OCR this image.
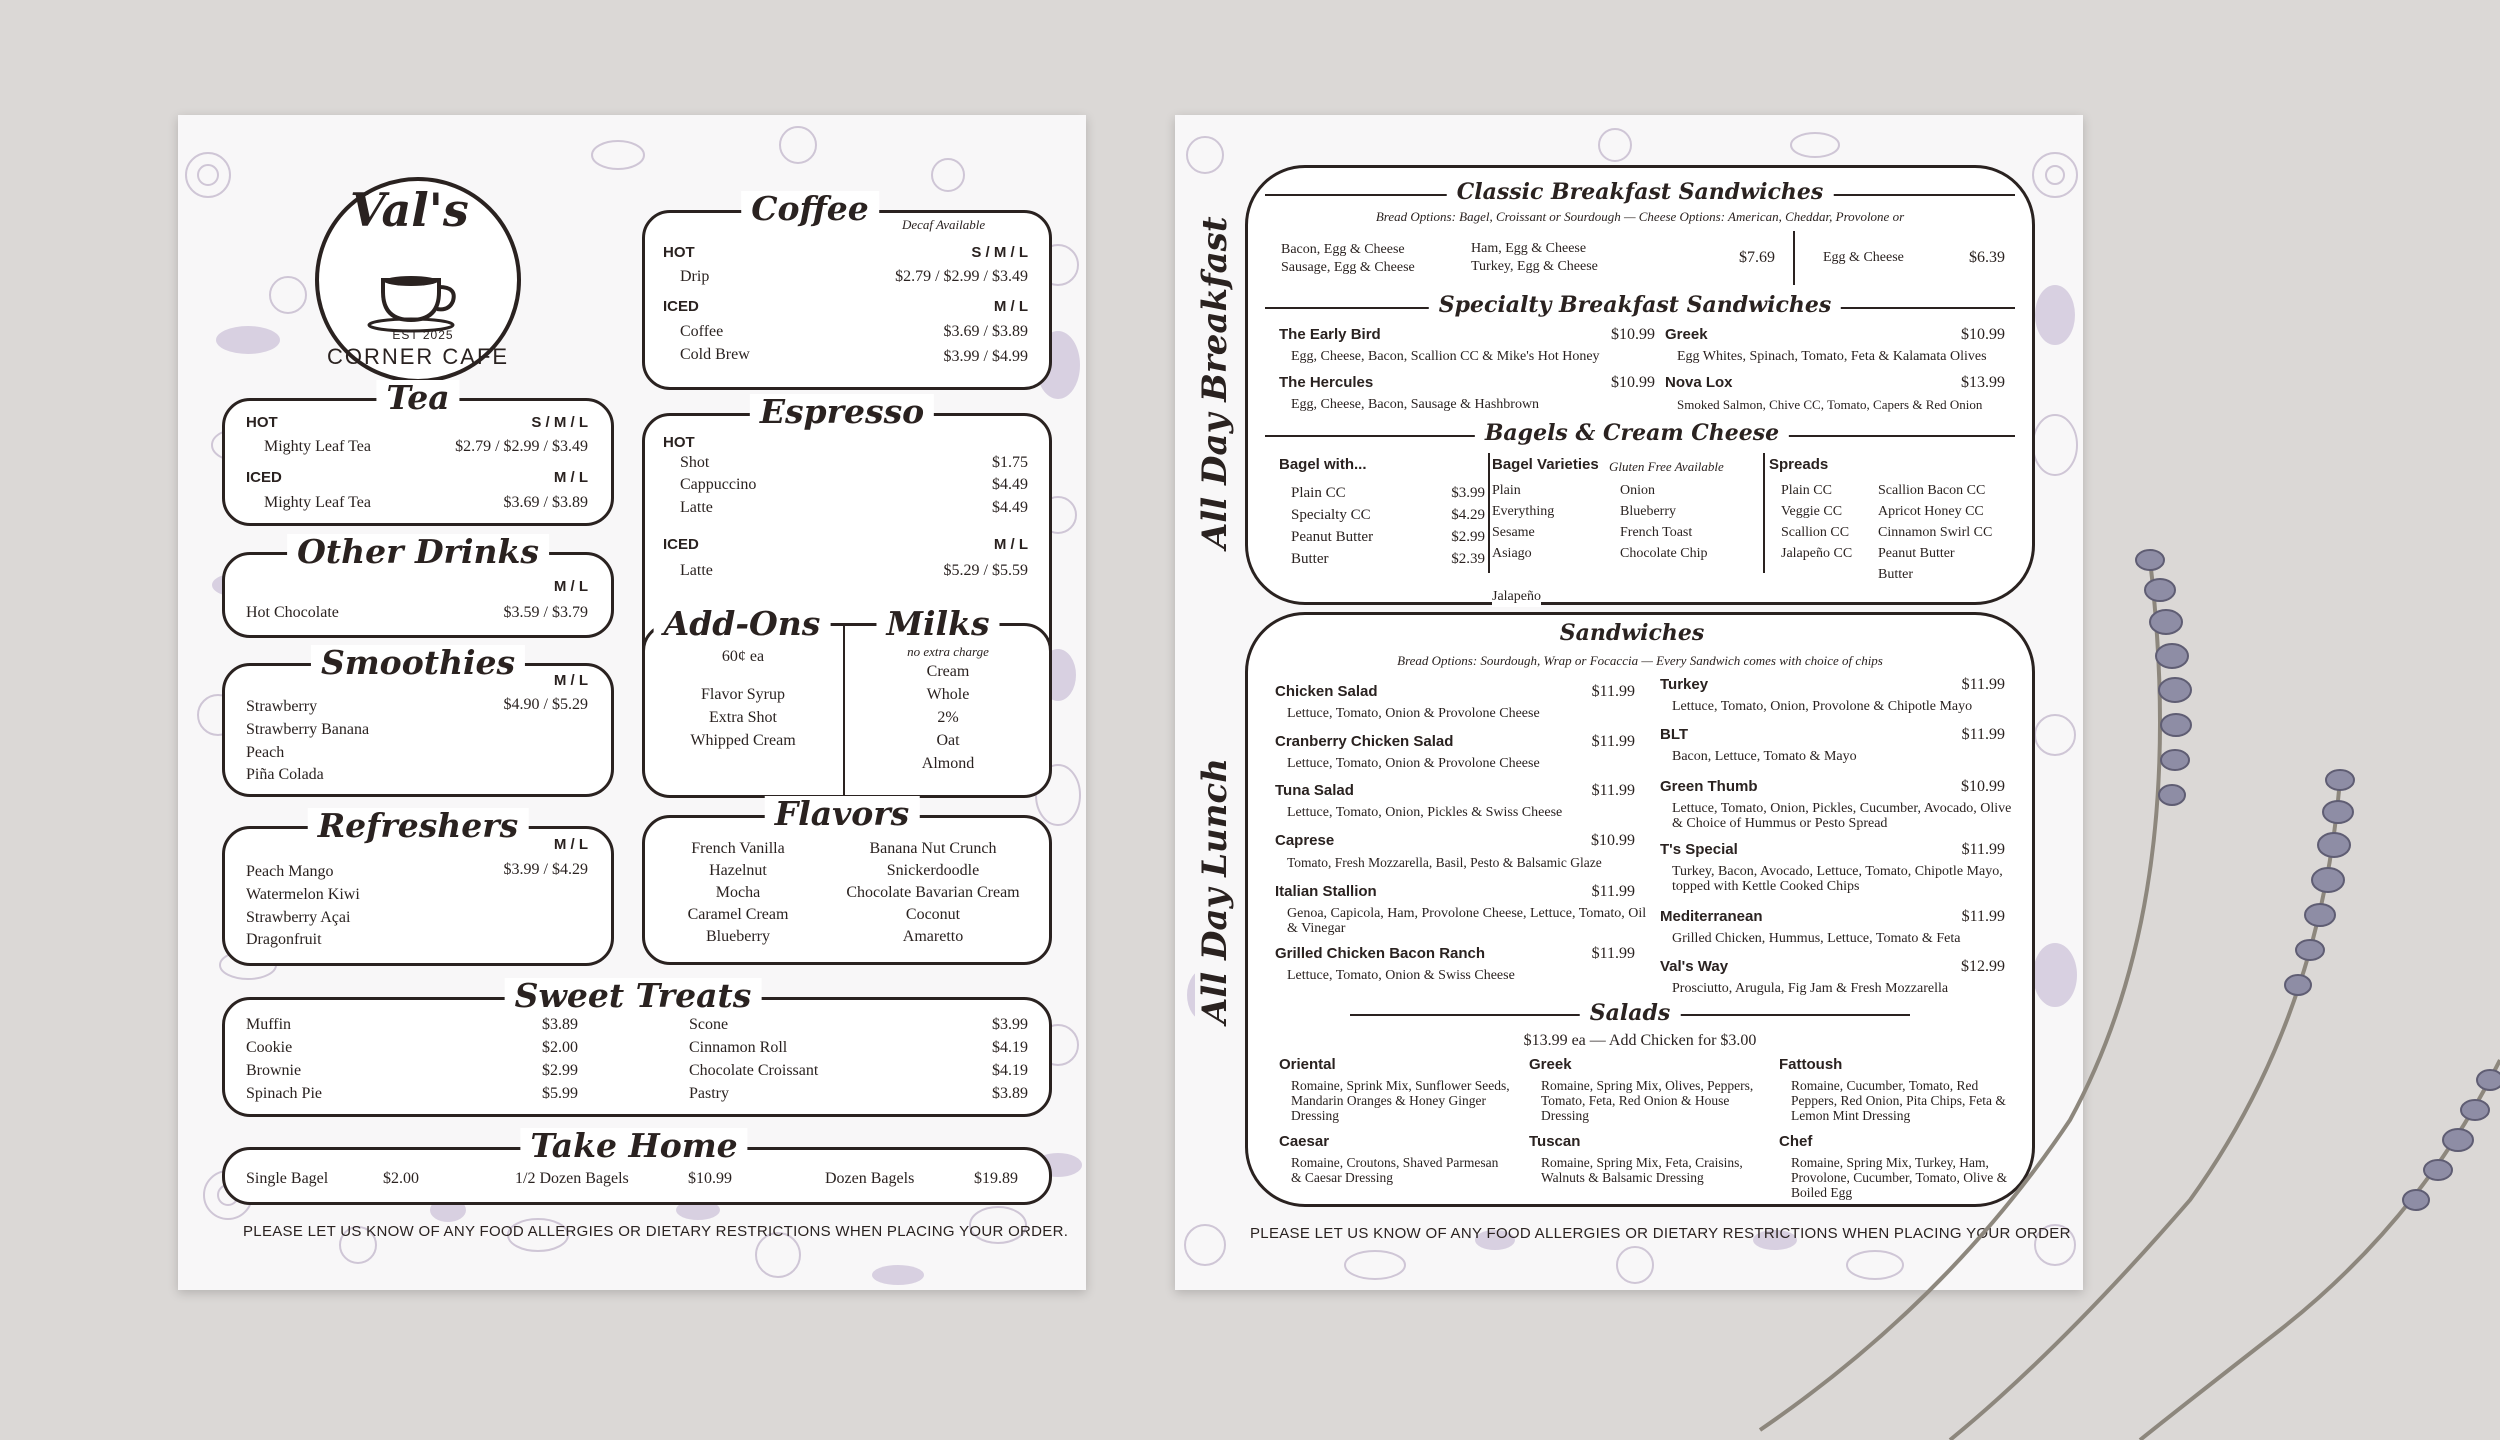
Val's
EST 2025
CORNER CAFE
Coffee	Decaf Available
HOT	S / M / L
Drip	$2.79 / $2.99 / $3.49
ICED	M / L
Coffee	$3.69 / $3.89
Cold Brew	$3.99 / $4.99
Tea
HOT	S / M / L
Mighty Leaf Tea	$2.79 / $2.99 / $3.49
ICED	M / L
Mighty Leaf Tea	$3.69 / $3.89
Espresso
HOT
Shot	$1.75
Cappuccino	$4.49
Latte	$4.49
ICED	M / L
Latte	$5.29 / $5.59
Other Drinks
M / L
Hot Chocolate	$3.59 / $3.79
Smoothies	M / L
$4.90 / $5.29
Strawberry
Strawberry Banana
Peach
Piña Colada
Add-Ons	Milks
60¢ ea
Flavor Syrup
Extra Shot
Whipped Cream
no extra charge
Cream
Whole
2%
Oat
Almond
Refreshers	M / L
$3.99 / $4.29
Peach Mango
Watermelon Kiwi
Strawberry Açai
Dragonfruit
Flavors
French Vanilla
Hazelnut
Mocha
Caramel Cream
Blueberry
Banana Nut Crunch
Snickerdoodle
Chocolate Bavarian Cream
Coconut
Amaretto
Sweet Treats
Muffin	$3.89
Cookie	$2.00
Brownie	$2.99
Spinach Pie	$5.99
Scone	$3.99
Cinnamon Roll	$4.19
Chocolate Croissant	$4.19
Pastry	$3.89
Take Home
Single Bagel	$2.00	1/2 Dozen Bagels	$10.99	Dozen Bagels	$19.89
PLEASE LET US KNOW OF ANY FOOD ALLERGIES OR DIETARY RESTRICTIONS WHEN PLACING YOUR ORDER.
All Day Breakfast
Classic Breakfast Sandwiches
Bread Options: Bagel, Croissant or Sourdough — Cheese Options: American, Cheddar, Provolone or
Bacon, Egg & Cheese
Sausage, Egg & Cheese
Ham, Egg & Cheese
Turkey, Egg & Cheese
$7.69	Egg & Cheese	$6.39
Specialty Breakfast Sandwiches
The Early Bird	$10.99
Egg, Cheese, Bacon, Scallion CC & Mike's Hot Honey
The Hercules	$10.99
Egg, Cheese, Bacon, Sausage & Hashbrown
Greek	$10.99
Egg Whites, Spinach, Tomato, Feta & Kalamata Olives
Nova Lox	$13.99
Smoked Salmon, Chive CC, Tomato, Capers & Red Onion
Bagels & Cream Cheese
Bagel with...
Plain CC	$3.99
Specialty CC	$4.29
Peanut Butter	$2.99
Butter	$2.39
Bagel Varieties Gluten Free Available
Plain
Everything
Sesame
Asiago
Jalapeño
Onion
Blueberry
French Toast
Chocolate Chip
Spreads
Plain CC
Veggie CC
Scallion CC
Jalapeño CC
Scallion Bacon CC
Apricot Honey CC
Cinnamon Swirl CC
Peanut Butter
Butter
All Day Lunch
Sandwiches
Bread Options: Sourdough, Wrap or Focaccia — Every Sandwich comes with choice of chips
Chicken Salad	$11.99
Lettuce, Tomato, Onion & Provolone Cheese
Cranberry Chicken Salad	$11.99
Lettuce, Tomato, Onion & Provolone Cheese
Tuna Salad	$11.99
Lettuce, Tomato, Onion, Pickles & Swiss Cheese
Caprese	$10.99
Tomato, Fresh Mozzarella, Basil, Pesto & Balsamic Glaze
Italian Stallion	$11.99
Genoa, Capicola, Ham, Provolone Cheese, Lettuce, Tomato, Oil & Vinegar
Grilled Chicken Bacon Ranch	$11.99
Lettuce, Tomato, Onion & Swiss Cheese
Turkey	$11.99
Lettuce, Tomato, Onion, Provolone & Chipotle Mayo
BLT	$11.99
Bacon, Lettuce, Tomato & Mayo
Green Thumb	$10.99
Lettuce, Tomato, Onion, Pickles, Cucumber, Avocado, Olive & Choice of Hummus or Pesto Spread
T's Special	$11.99
Turkey, Bacon, Avocado, Lettuce, Tomato, Chipotle Mayo, topped with Kettle Cooked Chips
Mediterranean	$11.99
Grilled Chicken, Hummus, Lettuce, Tomato & Feta
Val's Way	$12.99
Prosciutto, Arugula, Fig Jam & Fresh Mozzarella
Salads
$13.99 ea — Add Chicken for $3.00
Oriental
Romaine, Sprink Mix, Sunflower Seeds, Mandarin Oranges & Honey Ginger Dressing
Greek
Romaine, Spring Mix, Olives, Peppers, Tomato, Feta, Red Onion & House Dressing
Fattoush
Romaine, Cucumber, Tomato, Red Peppers, Red Onion, Pita Chips, Feta & Lemon Mint Dressing
Caesar
Romaine, Croutons, Shaved Parmesan & Caesar Dressing
Tuscan
Romaine, Spring Mix, Feta, Craisins, Walnuts & Balsamic Dressing
Chef
Romaine, Spring Mix, Turkey, Ham, Provolone, Cucumber, Tomato, Olive & Boiled Egg
PLEASE LET US KNOW OF ANY FOOD ALLERGIES OR DIETARY RESTRICTIONS WHEN PLACING YOUR ORDER
